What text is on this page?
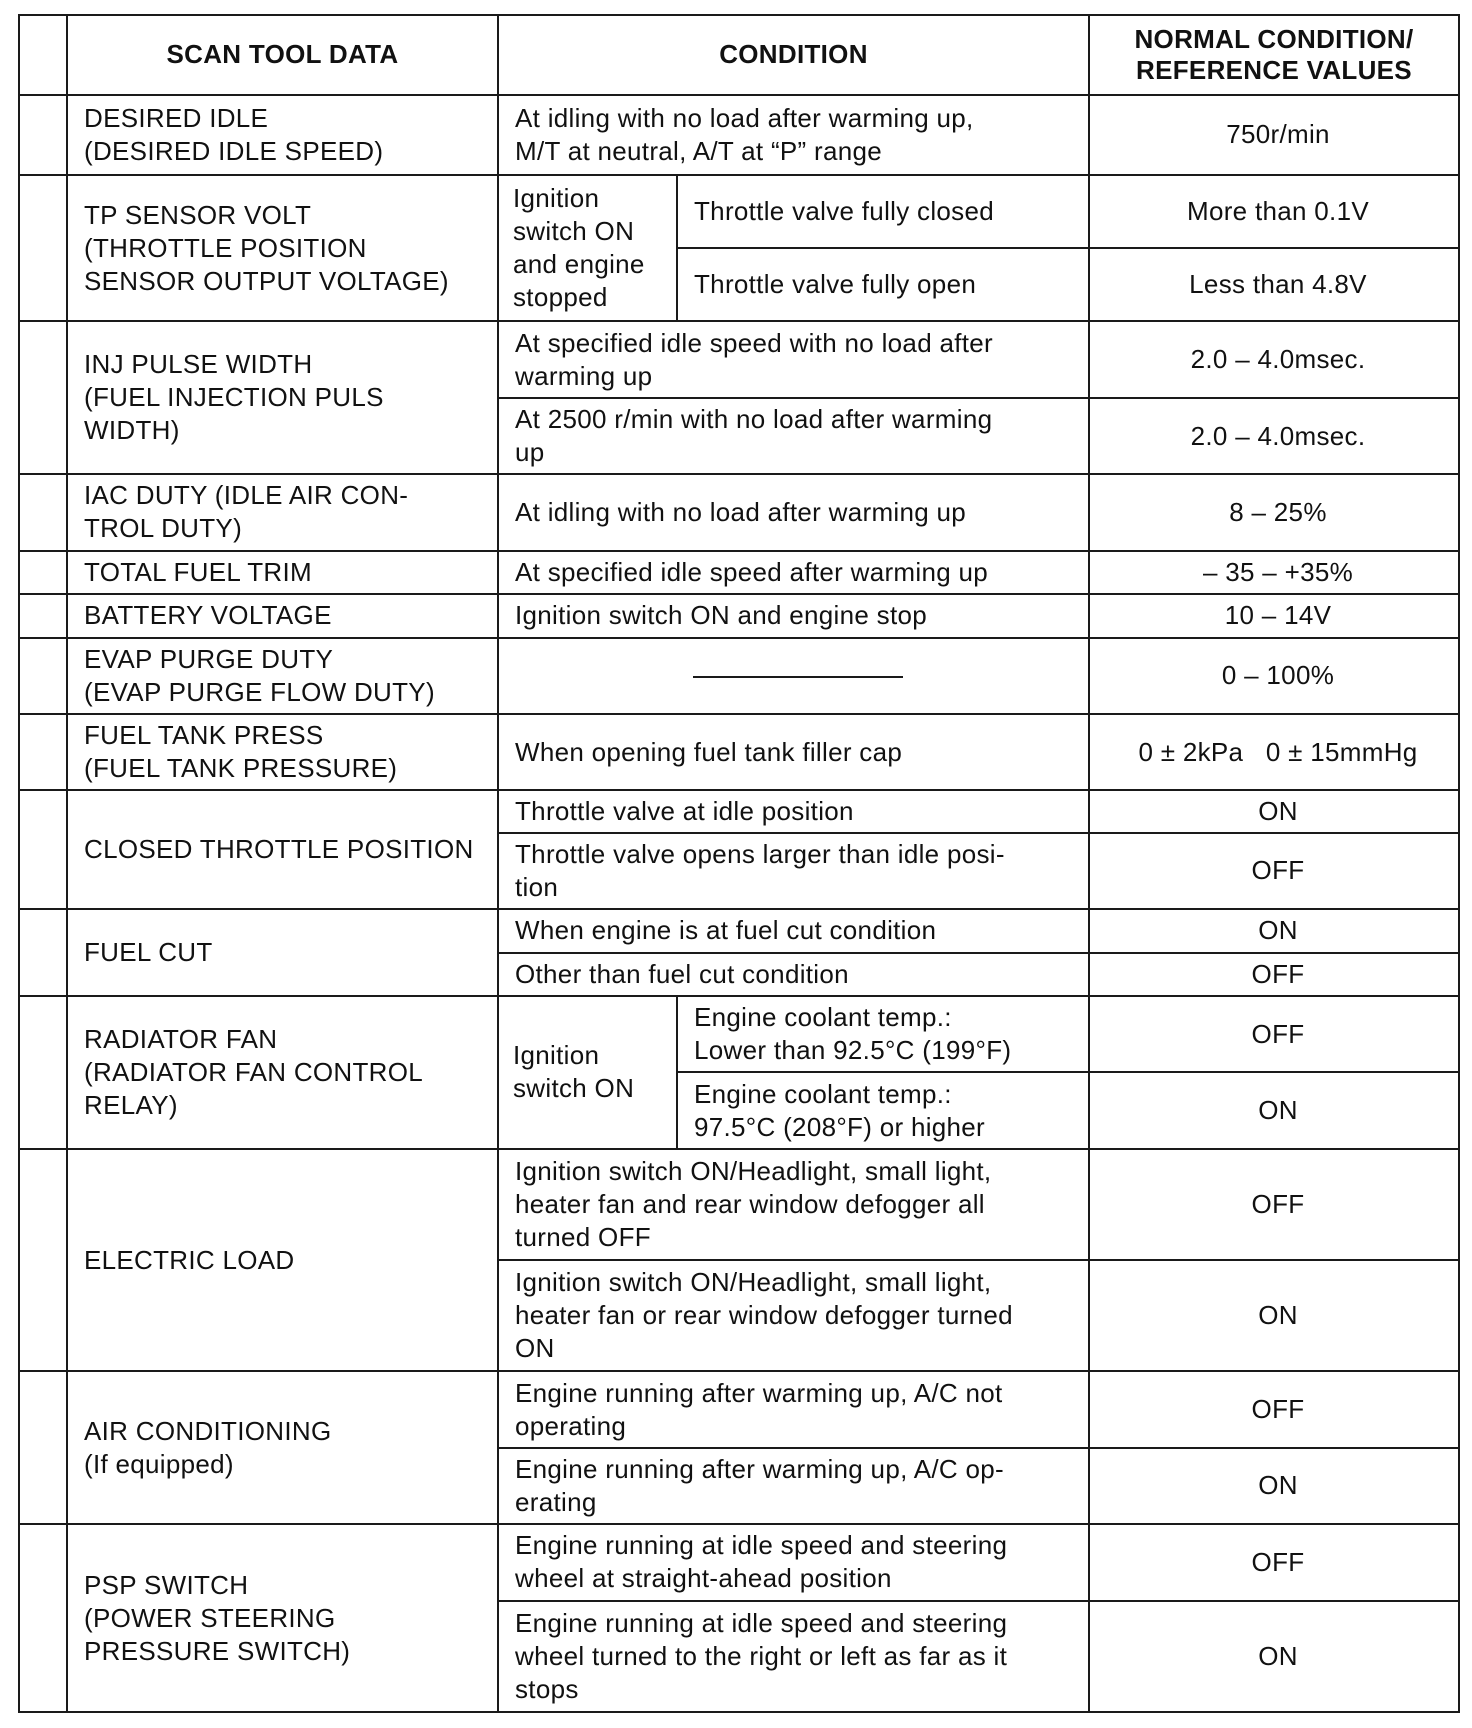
	SCAN TOOL DATA	CONDITION		NORMAL CONDITION/
REFERENCE VALUES
	DESIRED IDLE
(DESIRED IDLE SPEED)	At idling with no load after warming up,
M/T at neutral, A/T at “P” range		750r/min
	TP SENSOR VOLT
(THROTTLE POSITION
SENSOR OUTPUT VOLTAGE)	Ignition
switch ON
and engine
stopped	Throttle valve fully closed	More than 0.1V
			Throttle valve fully open	Less than 4.8V
	INJ PULSE WIDTH
(FUEL INJECTION PULS
WIDTH)	At specified idle speed with no load after
warming up		2.0 – 4.0msec.
		At 2500 r/min with no load after warming
up		2.0 – 4.0msec.
	IAC DUTY (IDLE AIR CON-
TROL DUTY)	At idling with no load after warming up		8 – 25%
	TOTAL FUEL TRIM	At specified idle speed after warming up		– 35 – +35%
	BATTERY VOLTAGE	Ignition switch ON and engine stop		10 – 14V
	EVAP PURGE DUTY
(EVAP PURGE FLOW DUTY)			0 – 100%
	FUEL TANK PRESS
(FUEL TANK PRESSURE)	When opening fuel tank filler cap		0 ± 2kPa   0 ± 15mmHg
	CLOSED THROTTLE POSITION	Throttle valve at idle position		ON
		Throttle valve opens larger than idle posi-
tion		OFF
	FUEL CUT	When engine is at fuel cut condition		ON
		Other than fuel cut condition		OFF
	RADIATOR FAN
(RADIATOR FAN CONTROL
RELAY)	Ignition
switch ON	Engine coolant temp.:
Lower than 92.5°C (199°F)	OFF
			Engine coolant temp.:
97.5°C (208°F) or higher	ON
	ELECTRIC LOAD	Ignition switch ON/Headlight, small light,
heater fan and rear window defogger all
turned OFF		OFF
		Ignition switch ON/Headlight, small light,
heater fan or rear window defogger turned
ON		ON
	AIR CONDITIONING
(If equipped)	Engine running after warming up, A/C not
operating		OFF
		Engine running after warming up, A/C op-
erating		ON
	PSP SWITCH
(POWER STEERING
PRESSURE SWITCH)	Engine running at idle speed and steering
wheel at straight-ahead position		OFF
		Engine running at idle speed and steering
wheel turned to the right or left as far as it
stops		ON
